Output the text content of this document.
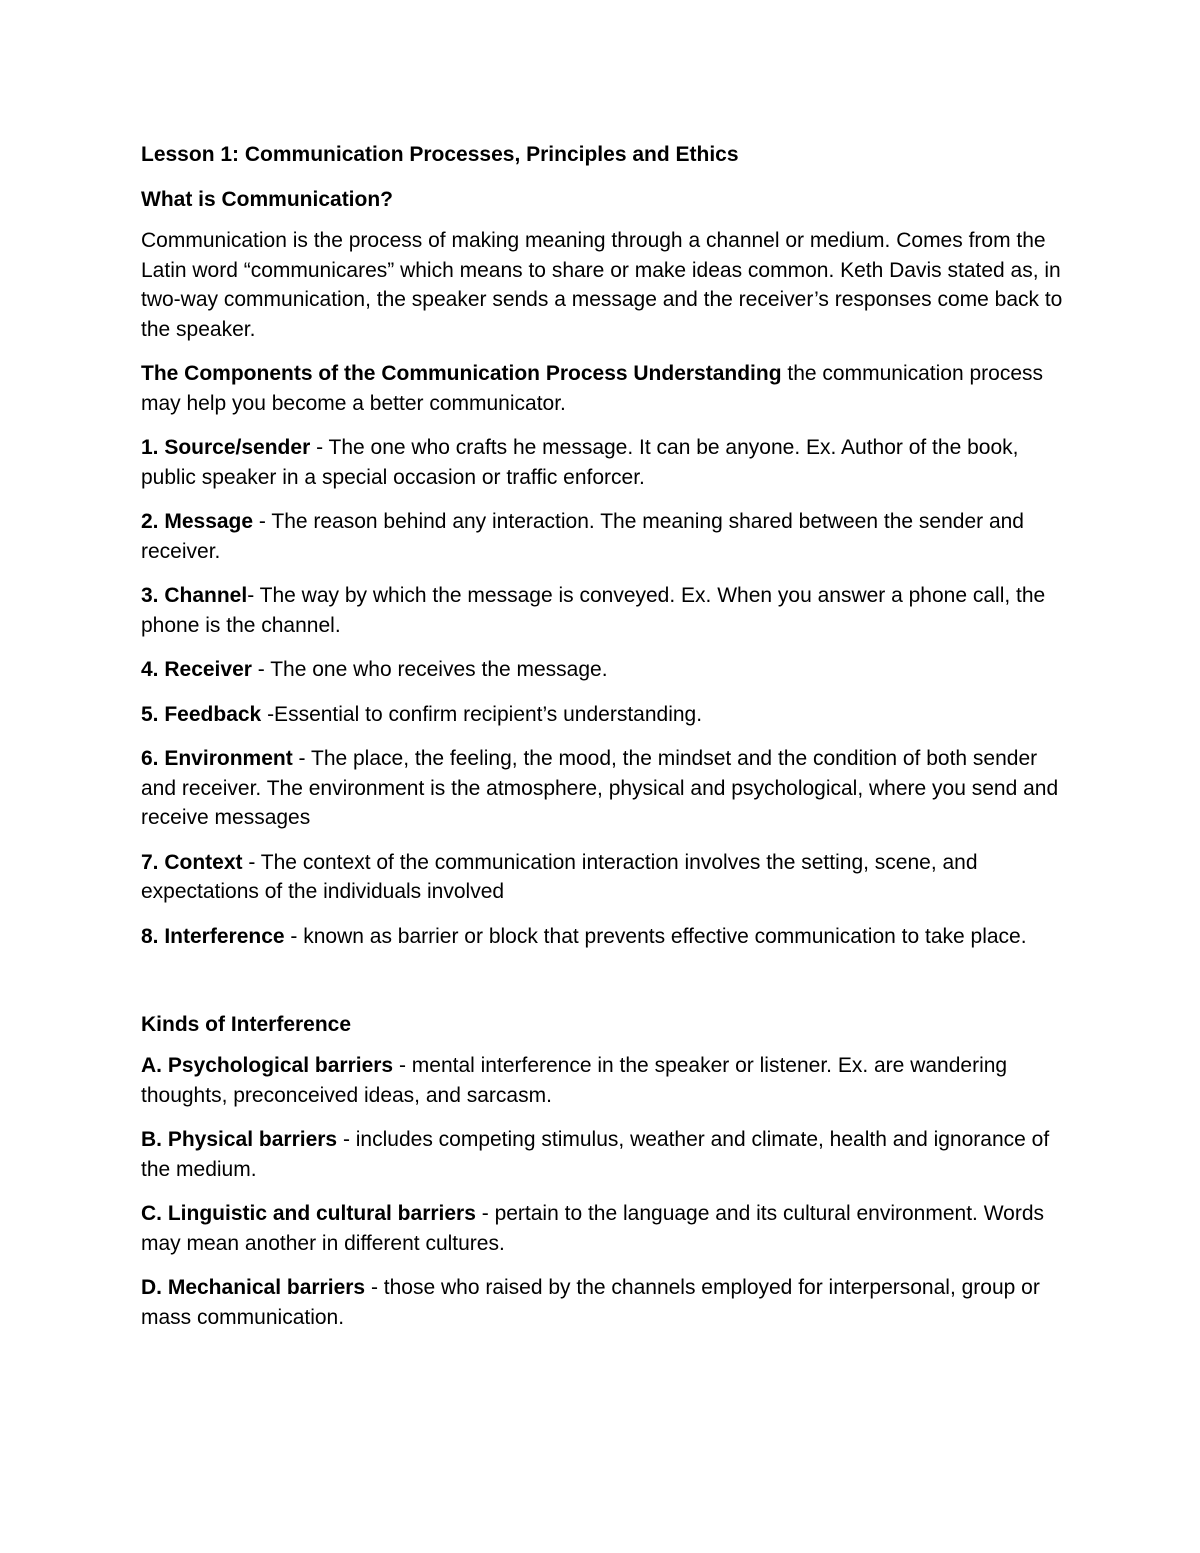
Lesson 1: Communication Processes, Principles and Ethics
What is Communication?

Communication is the process of making meaning through a channel or medium. Comes from the Latin word “communicares” which means to share or make ideas common. Keth Davis stated as, in two-way communication, the speaker sends a message and the receiver’s responses come back to the speaker.

The Components of the Communication Process Understanding the communication process may help you become a better communicator.

1. Source/sender - The one who crafts he message. It can be anyone. Ex. Author of the book, public speaker in a special occasion or traffic enforcer.

2. Message - The reason behind any interaction. The meaning shared between the sender and receiver.

3. Channel- The way by which the message is conveyed. Ex. When you answer a phone call, the phone is the channel.

4. Receiver - The one who receives the message.

5. Feedback -Essential to confirm recipient’s understanding.

6. Environment - The place, the feeling, the mood, the mindset and the condition of both sender and receiver. The environment is the atmosphere, physical and psychological, where you send and receive messages

7. Context - The context of the communication interaction involves the setting, scene, and expectations of the individuals involved

8. Interference - known as barrier or block that prevents effective communication to take place.

Kinds of Interference

A. Psychological barriers - mental interference in the speaker or listener. Ex. are wandering thoughts, preconceived ideas, and sarcasm.

B. Physical barriers - includes competing stimulus, weather and climate, health and ignorance of the medium.

C. Linguistic and cultural barriers - pertain to the language and its cultural environment. Words may mean another in different cultures.

D. Mechanical barriers - those who raised by the channels employed for interpersonal, group or mass communication.
